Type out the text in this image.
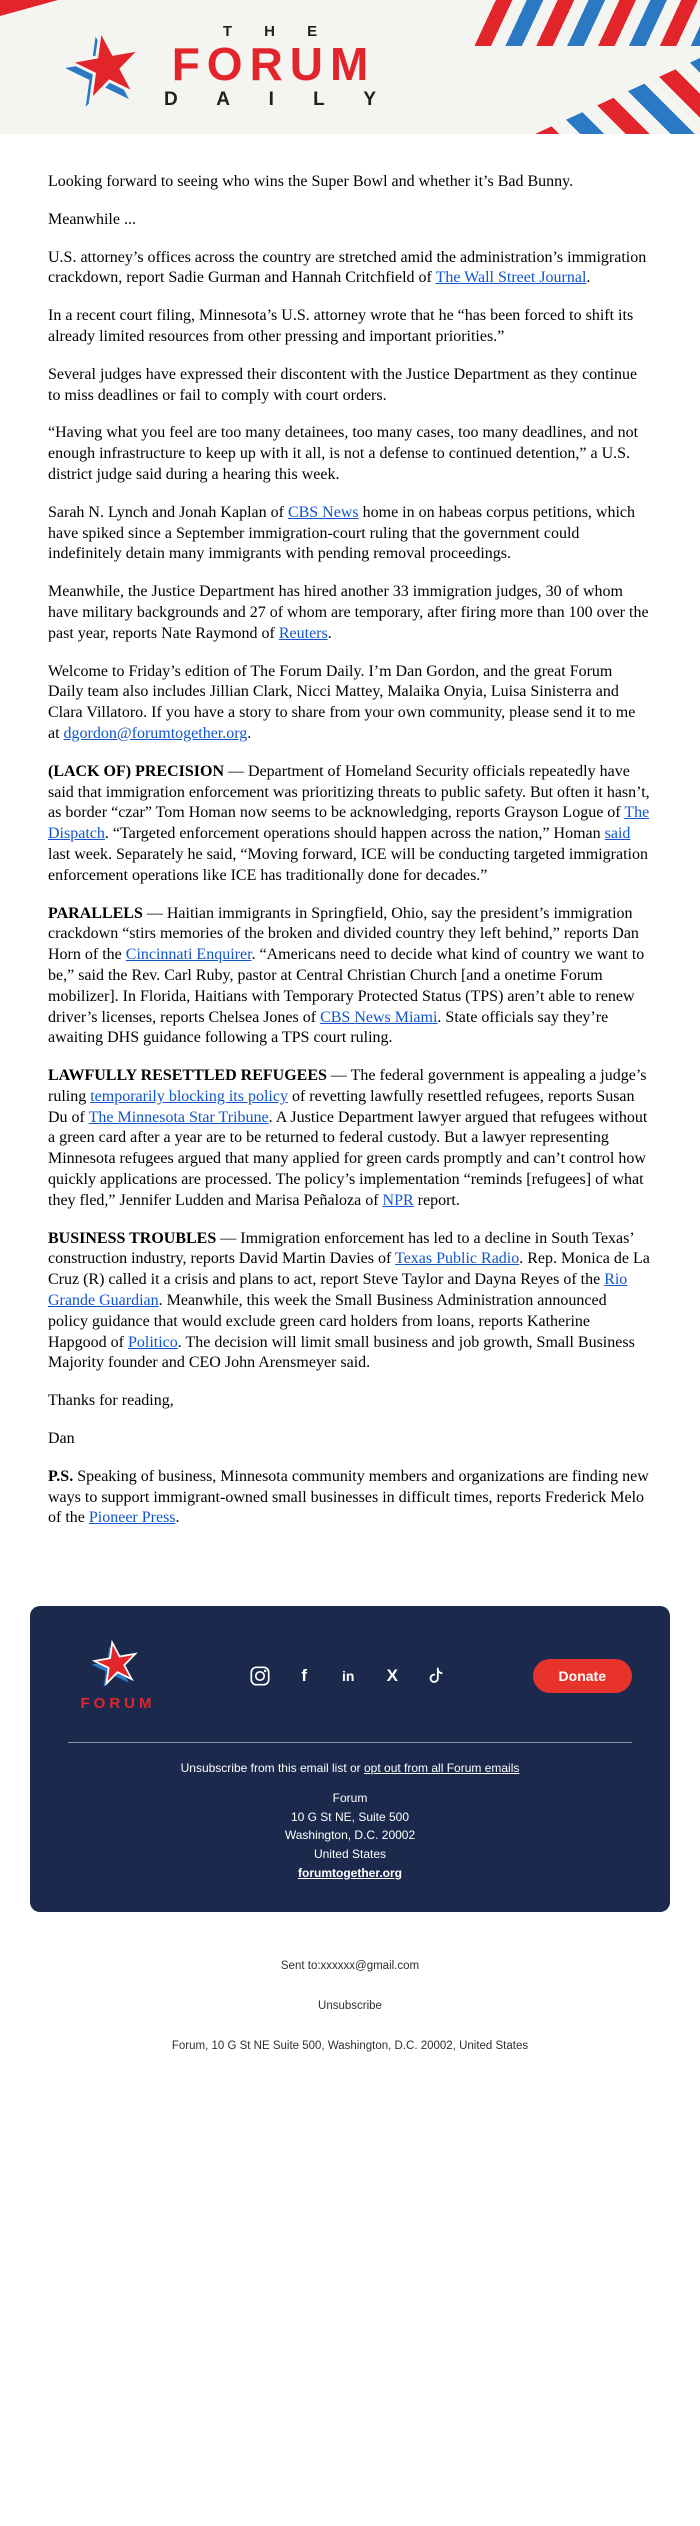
T H E
FORUM
D A I L Y

Looking forward to seeing who wins the Super Bowl and whether it’s Bad Bunny.

Meanwhile ...

U.S. attorney’s offices across the country are stretched amid the administration’s immigration crackdown, report Sadie Gurman and Hannah Critchfield of The Wall Street Journal.

In a recent court filing, Minnesota’s U.S. attorney wrote that he “has been forced to shift its already limited resources from other pressing and important priorities.”

Several judges have expressed their discontent with the Justice Department as they continue to miss deadlines or fail to comply with court orders.

“Having what you feel are too many detainees, too many cases, too many deadlines, and not enough infrastructure to keep up with it all, is not a defense to continued detention,” a U.S. district judge said during a hearing this week.

Sarah N. Lynch and Jonah Kaplan of CBS News home in on habeas corpus petitions, which have spiked since a September immigration-court ruling that the government could indefinitely detain many immigrants with pending removal proceedings.

Meanwhile, the Justice Department has hired another 33 immigration judges, 30 of whom have military backgrounds and 27 of whom are temporary, after firing more than 100 over the past year, reports Nate Raymond of Reuters.

Welcome to Friday’s edition of The Forum Daily. I’m Dan Gordon, and the great Forum Daily team also includes Jillian Clark, Nicci Mattey, Malaika Onyia, Luisa Sinisterra and Clara Villatoro. If you have a story to share from your own community, please send it to me at dgordon@forumtogether.org.

(LACK OF) PRECISION — Department of Homeland Security officials repeatedly have said that immigration enforcement was prioritizing threats to public safety. But often it hasn’t, as border “czar” Tom Homan now seems to be acknowledging, reports Grayson Logue of The Dispatch. “Targeted enforcement operations should happen across the nation,” Homan said last week. Separately he said, “Moving forward, ICE will be conducting targeted immigration enforcement operations like ICE has traditionally done for decades.”

PARALLELS — Haitian immigrants in Springfield, Ohio, say the president’s immigration crackdown “stirs memories of the broken and divided country they left behind,” reports Dan Horn of the Cincinnati Enquirer. “Americans need to decide what kind of country we want to be,” said the Rev. Carl Ruby, pastor at Central Christian Church [and a onetime Forum mobilizer]. In Florida, Haitians with Temporary Protected Status (TPS) aren’t able to renew driver’s licenses, reports Chelsea Jones of CBS News Miami. State officials say they’re awaiting DHS guidance following a TPS court ruling.

LAWFULLY RESETTLED REFUGEES — The federal government is appealing a judge’s ruling temporarily blocking its policy of revetting lawfully resettled refugees, reports Susan Du of The Minnesota Star Tribune. A Justice Department lawyer argued that refugees without a green card after a year are to be returned to federal custody. But a lawyer representing Minnesota refugees argued that many applied for green cards promptly and can’t control how quickly applications are processed. The policy’s implementation “reminds [refugees] of what they fled,” Jennifer Ludden and Marisa Peñaloza of NPR report.

BUSINESS TROUBLES — Immigration enforcement has led to a decline in South Texas’ construction industry, reports David Martin Davies of Texas Public Radio. Rep. Monica de La Cruz (R) called it a crisis and plans to act, report Steve Taylor and Dayna Reyes of the Rio Grande Guardian. Meanwhile, this week the Small Business Administration announced policy guidance that would exclude green card holders from loans, reports Katherine Hapgood of Politico. The decision will limit small business and job growth, Small Business Majority founder and CEO John Arensmeyer said.

Thanks for reading,

Dan

P.S. Speaking of business, Minnesota community members and organizations are finding new ways to support immigrant-owned small businesses in difficult times, reports Frederick Melo of the Pioneer Press.

FORUM
f	in	X	Donate

Unsubscribe from this email list or opt out from all Forum emails

Forum
10 G St NE, Suite 500
Washington, D.C. 20002
United States
forumtogether.org

Sent to:xxxxxx@gmail.com

Unsubscribe

Forum, 10 G St NE Suite 500, Washington, D.C. 20002, United States
